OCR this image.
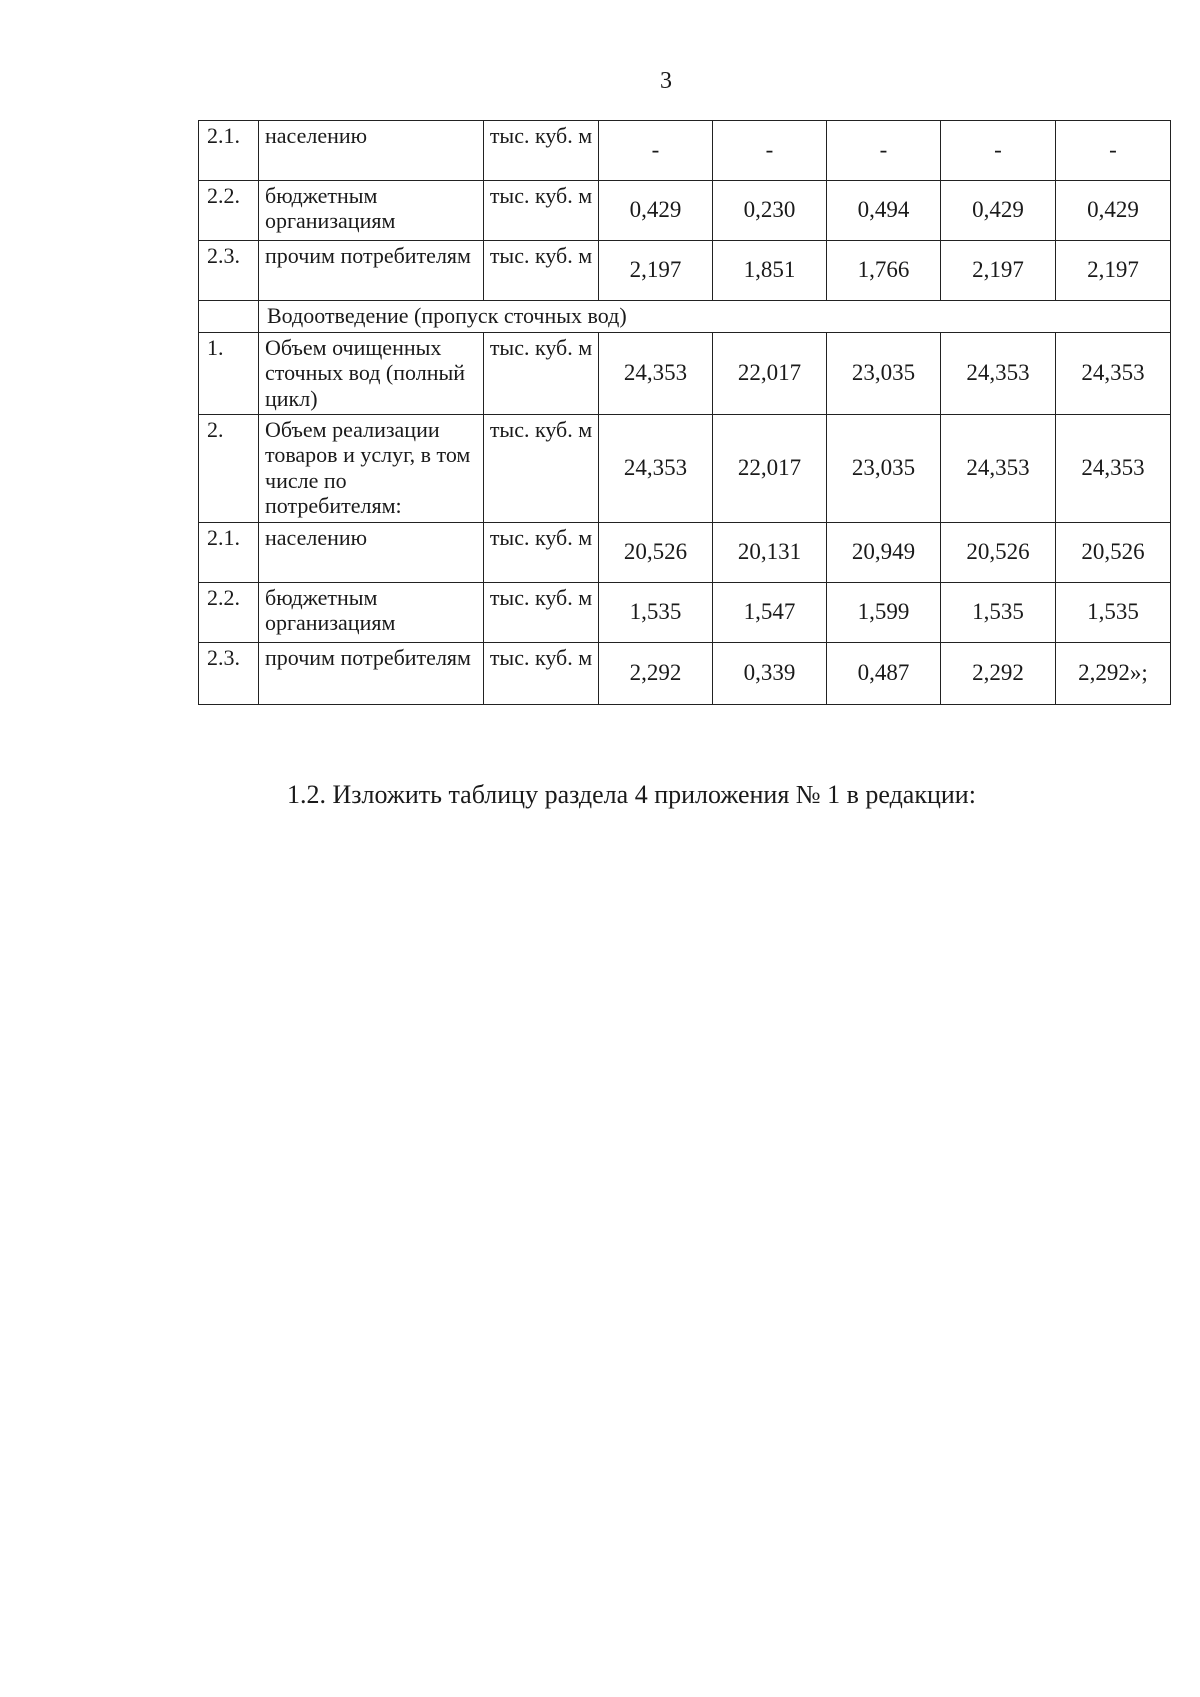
3
2.1.	населению	тыс. куб. м	-	-	-	-	-
2.2.	бюджетным организациям	тыс. куб. м	0,429	0,230	0,494	0,429	0,429
2.3.	прочим потребителям	тыс. куб. м	2,197	1,851	1,766	2,197	2,197
	Водоотведение (пропуск сточных вод)						
1.	Объем очищенных сточных вод (полный цикл)	тыс. куб. м	24,353	22,017	23,035	24,353	24,353
2.	Объем реализации товаров и услуг, в том числе по потребителям:	тыс. куб. м	24,353	22,017	23,035	24,353	24,353
2.1.	населению	тыс. куб. м	20,526	20,131	20,949	20,526	20,526
2.2.	бюджетным организациям	тыс. куб. м	1,535	1,547	1,599	1,535	1,535
2.3.	прочим потребителям	тыс. куб. м	2,292	0,339	0,487	2,292	2,292»;
1.2. Изложить таблицу раздела 4 приложения № 1 в редакции:
